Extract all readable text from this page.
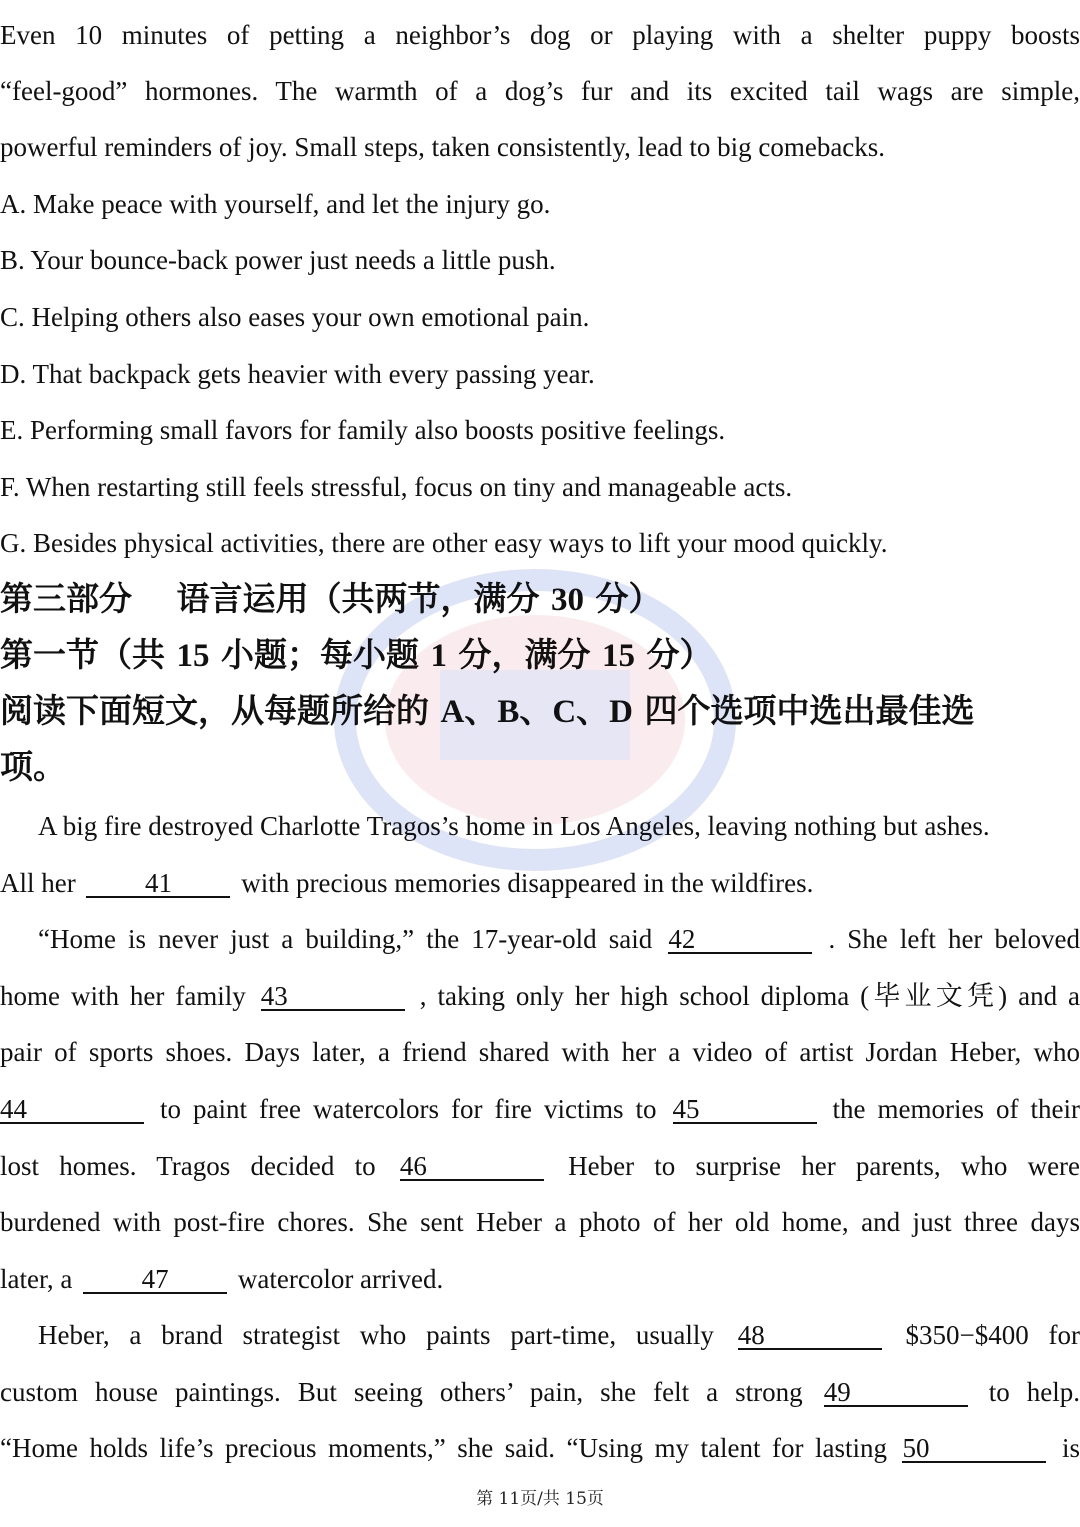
Even 10 minutes of petting a neighbor’s dog or playing with a shelter puppy boosts
“feel-good” hormones. The warmth of a dog’s fur and its excited tail wags are simple,
powerful reminders of joy. Small steps, taken consistently, lead to big comebacks.
A. Make peace with yourself, and let the injury go.
B. Your bounce-back power just needs a little push.
C. Helping others also eases your own emotional pain.
D. That backpack gets heavier with every passing year.
E. Performing small favors for family also boosts positive feelings.
F. When restarting still feels stressful, focus on tiny and manageable acts.
G. Besides physical activities, there are other easy ways to lift your mood quickly.
第三部分　 语言运用（共两节，满分 30 分）
第一节（共 15 小题；每小题 1 分，满分 15 分）
阅读下面短文，从每题所给的 A、B、C、D 四个选项中选出最佳选
项。
A big fire destroyed Charlotte Tragos’s home in Los Angeles, leaving nothing but ashes.
All her	41	with precious memories disappeared in the wildfires.
“Home is never just a building,” the 17-year-old said 42	. She left her beloved
home with her family 43	, taking only her high school diploma (毕业文凭) and a
pair of sports shoes. Days later, a friend shared with her a video of artist Jordan Heber, who
44	to paint free watercolors for fire victims to 45	the memories of their
lost homes. Tragos decided to 46	Heber to surprise her parents, who were
burdened with post-fire chores. She sent Heber a photo of her old home, and just three days
later, a	47	watercolor arrived.
Heber, a brand strategist who paints part-time, usually 48	$350−$400 for
custom house paintings. But seeing others’ pain, she felt a strong 49	to help.
“Home holds life’s precious moments,” she said. “Using my talent for lasting 50	is
第 11页/共 15页
